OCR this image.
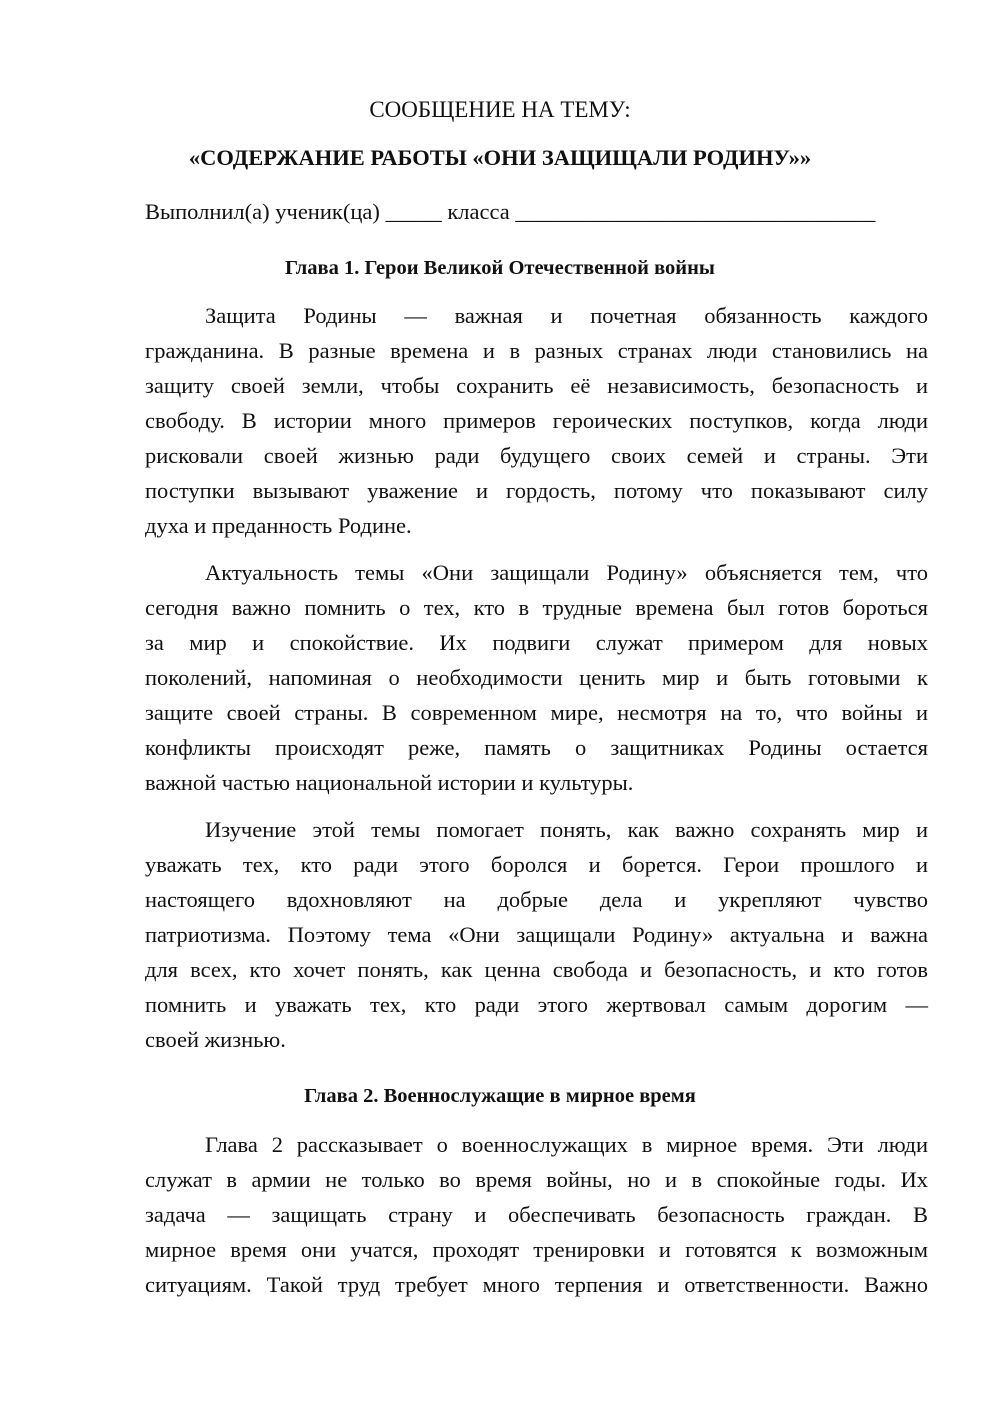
СООБЩЕНИЕ НА ТЕМУ:
«СОДЕРЖАНИЕ РАБОТЫ «ОНИ ЗАЩИЩАЛИ РОДИНУ»»
Выполнил(а) ученик(ца) _____ класса ________________________________
Глава 1. Герои Великой Отечественной войны
Защита Родины — важная и почетная обязанность каждого
гражданина. В разные времена и в разных странах люди становились на
защиту своей земли, чтобы сохранить её независимость, безопасность и
свободу. В истории много примеров героических поступков, когда люди
рисковали своей жизнью ради будущего своих семей и страны. Эти
поступки вызывают уважение и гордость, потому что показывают силу
духа и преданность Родине.
Актуальность темы «Они защищали Родину» объясняется тем, что
сегодня важно помнить о тех, кто в трудные времена был готов бороться
за мир и спокойствие. Их подвиги служат примером для новых
поколений, напоминая о необходимости ценить мир и быть готовыми к
защите своей страны. В современном мире, несмотря на то, что войны и
конфликты происходят реже, память о защитниках Родины остается
важной частью национальной истории и культуры.
Изучение этой темы помогает понять, как важно сохранять мир и
уважать тех, кто ради этого боролся и борется. Герои прошлого и
настоящего вдохновляют на добрые дела и укрепляют чувство
патриотизма. Поэтому тема «Они защищали Родину» актуальна и важна
для всех, кто хочет понять, как ценна свобода и безопасность, и кто готов
помнить и уважать тех, кто ради этого жертвовал самым дорогим —
своей жизнью.
Глава 2. Военнослужащие в мирное время
Глава 2 рассказывает о военнослужащих в мирное время. Эти люди
служат в армии не только во время войны, но и в спокойные годы. Их
задача — защищать страну и обеспечивать безопасность граждан. В
мирное время они учатся, проходят тренировки и готовятся к возможным
ситуациям. Такой труд требует много терпения и ответственности. Важно
